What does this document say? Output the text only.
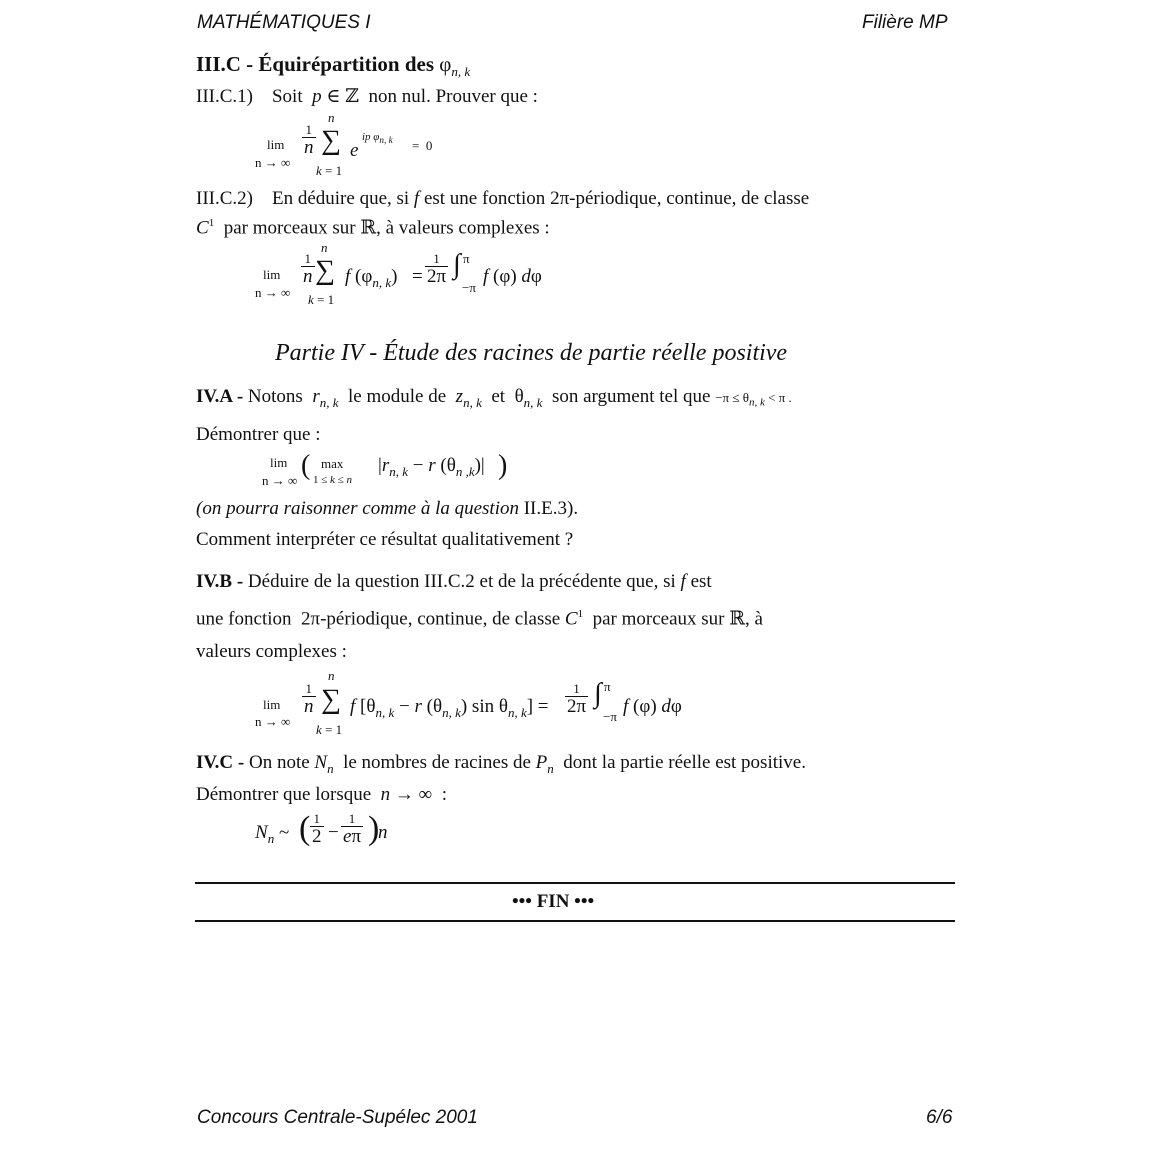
MATHÉMATIQUES I	Filière MP
III.C - Équirépartition des $\varphi_{n, k}$
III.C.1) Soit p ∈ ℤ  non nul. Prouver que :
lim
n → ∞
$\frac{1}{n}$
n
∑
k = 1
e
ip $\varphi_{n, k} = 0$
III.C.2) En déduire que, si f est une fonction 2π-périodique, continue, de classe
$C^1$ par morceaux sur ℝ, à valeurs complexes :
lim
n → ∞
$\frac{1}{n}$
n
∑
k = 1
f $(\varphi_{n, k}) = \frac{1}{2\pi}$ ∫ π
−π
f (φ) dφ
Partie IV - Étude des racines de partie réelle positive
IV.A - Notons $r_{n, k}$ le module de $z_{n, k}$ et  $\theta_{n, k}$ son argument tel que $-\pi \le \theta_{n, k} < \pi$ .
Démontrer que :
lim
n → ∞ ( max
1 ≤ k ≤ n
$|r_{n, k} - r$ $(\theta_{n ,k})|$ )
(on pourra raisonner comme à la question II.E.3).
Comment interpréter ce résultat qualitativement ?
IV.B - Déduire de la question III.C.2 et de la précédente que, si f est
une fonction  2π-périodique, continue, de classe $C^1$ par morceaux sur ℝ, à
valeurs complexes :
lim
n → ∞
$\frac{1}{n}$
n
∑
k = 1
f [$\theta_{n, k} - r$ $(\theta_{n, k})$ $\sin \theta_{n, k}] = \frac{1}{2\pi}$ ∫ π
−π f (φ) dφ
IV.C - On note $N_n$ le nombres de racines de $P_n$ dont la partie réelle est positive.
Démontrer que lorsque n → ∞  :
$N_n$ ~ ( $\frac{1}{2} - \frac{1}{e\pi}$ )
n
••• FIN •••
Concours Centrale-Supélec 2001	6/6
